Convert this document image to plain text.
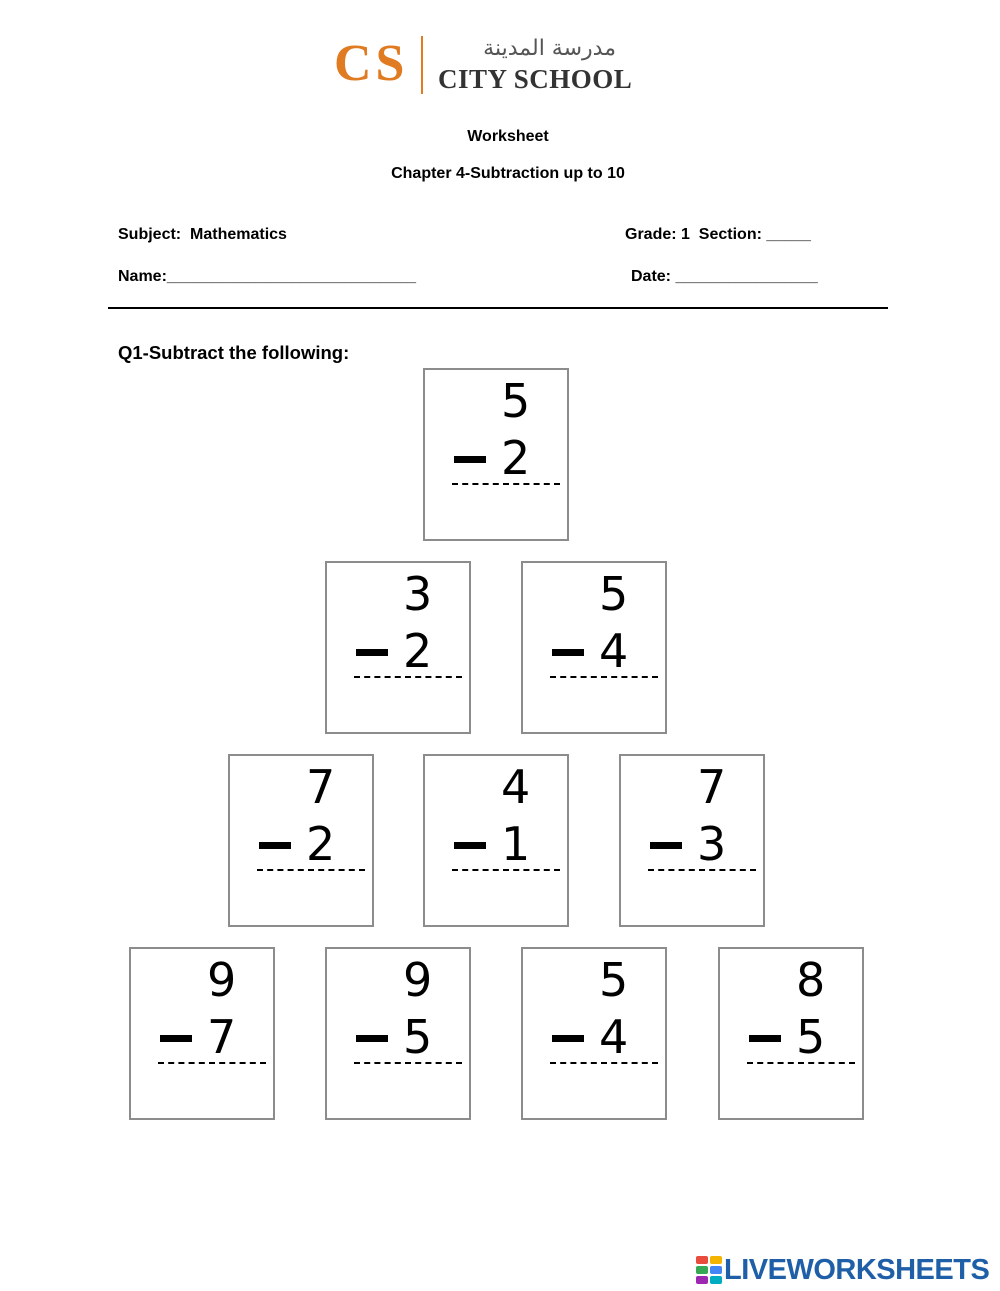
CS	مدرسة المدينة
CITY SCHOOL
Worksheet
Chapter 4-Subtraction up to 10
Subject:  Mathematics	Grade: 1  Section: _____
Name:____________________________	Date: ________________
Q1-Subtract the following:
5
2
3
2
5
4
7
2
4
1
7
3
9
7
9
5
5
4
8
5
LIVEWORKSHEETS
